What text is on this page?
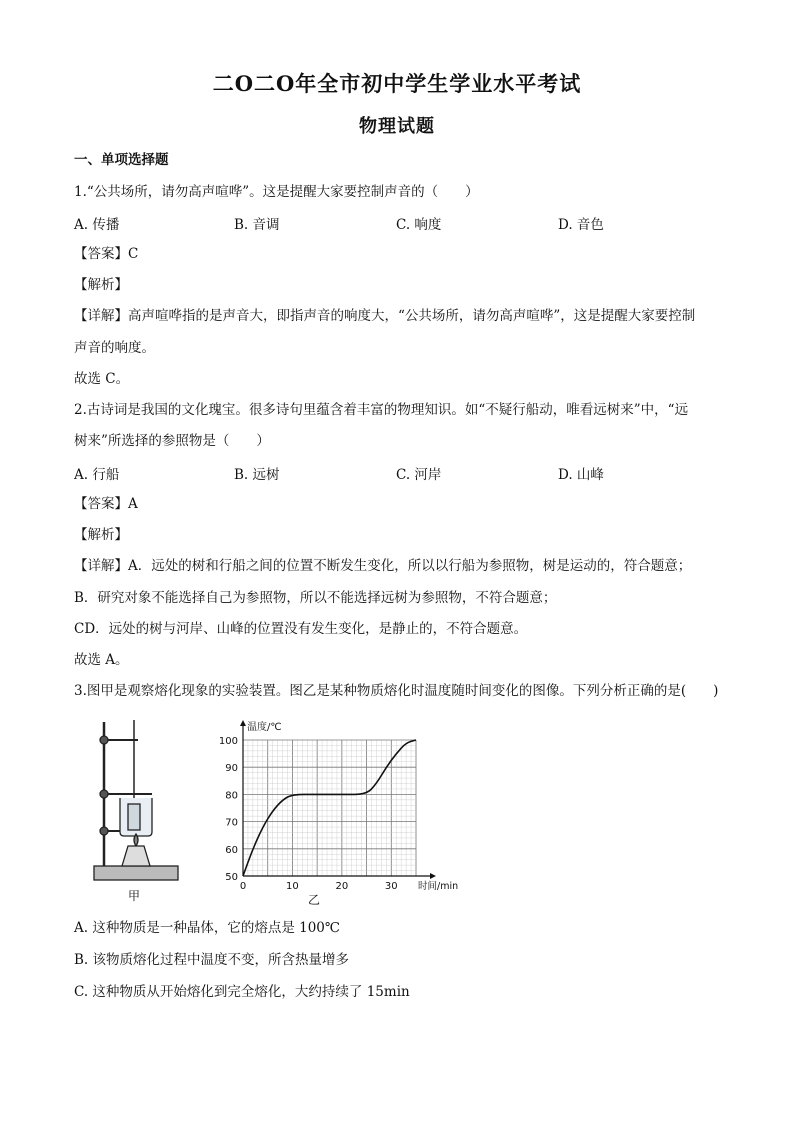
二O二O年全市初中学生学业水平考试
物理试题
一、单项选择题
1.“公共场所，请勿高声喧哗”。这是提醒大家要控制声音的（　　）
A. 传播	B. 音调	C. 响度	D. 音色
【答案】C
【解析】
【详解】高声喧哗指的是声音大，即指声音的响度大，“公共场所，请勿高声喧哗”，这是提醒大家要控制
声音的响度。
故选 C。
2.古诗词是我国的文化瑰宝。很多诗句里蕴含着丰富的物理知识。如“不疑行船动，唯看远树来”中，“远
树来”所选择的参照物是（　　）
A. 行船	B. 远树	C. 河岸	D. 山峰
【答案】A
【解析】
【详解】A．远处的树和行船之间的位置不断发生变化，所以以行船为参照物，树是运动的，符合题意；
B．研究对象不能选择自己为参照物，所以不能选择远树为参照物，不符合题意；
CD．远处的树与河岸、山峰的位置没有发生变化，是静止的，不符合题意。
故选 A。
3.图甲是观察熔化现象的实验装置。图乙是某种物质熔化时温度随时间变化的图像。下列分析正确的是(　　)
甲
50
60
70
80
90
100
0	10	20	30
温度/℃
时间/min
乙
A. 这种物质是一种晶体，它的熔点是 100℃
B. 该物质熔化过程中温度不变，所含热量增多
C. 这种物质从开始熔化到完全熔化，大约持续了 15min
